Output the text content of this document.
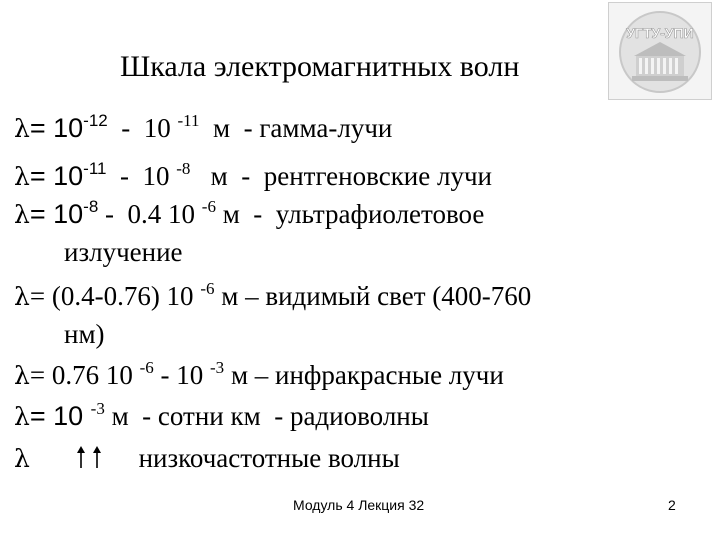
УГТУ-УПИ
Шкала электромагнитных волн
$\lambda= 10^{-12} - 10$ $^{-11}$  м  - гамма-лучи
$\lambda= 10^{-11} - 10$ $^{-8}$   м  -  рентгеновские лучи
$\lambda= 10^{-8} - 0.4$ 10 $^{-6}$ м  -  ультрафиолетовое
излучение
λ= (0.4-0.76) 10 $^{-6}$ м – видимый свет (400-760
нм)
λ= 0.76 10 $^{-6}$ - 10 $^{-3}$ м – инфракрасные лучи
λ= 10 $^{-3}$ м  - сотни км  - радиоволны
λ	низкочастотные волны
Модуль 4 Лекция 32	2
